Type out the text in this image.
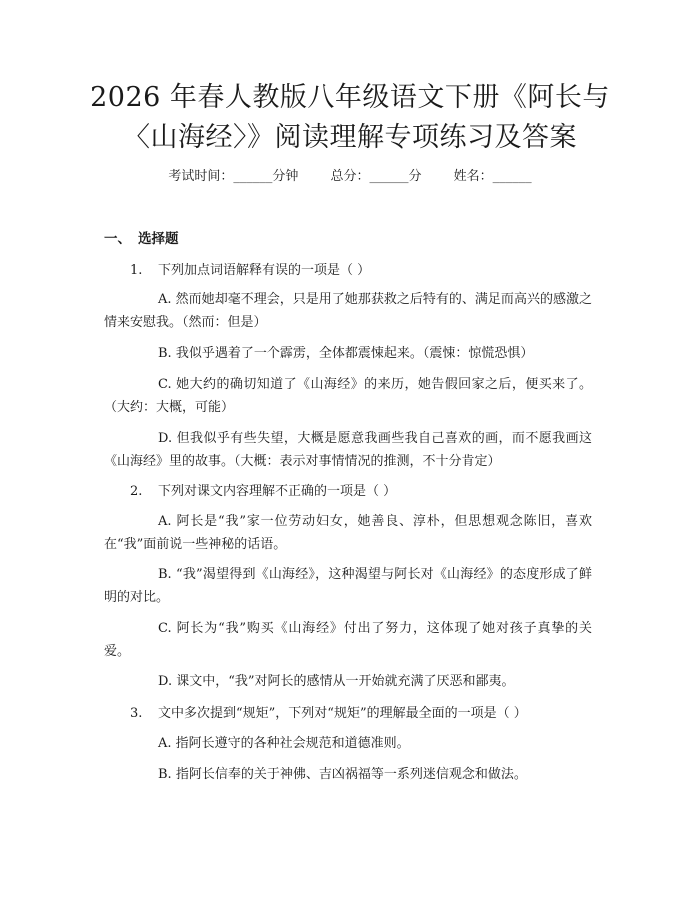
2026 年春人教版八年级语文下册《阿长与
〈山海经〉》阅读理解专项练习及答案
考试时间：______分钟 总分：______分 姓名：______
一、 选择题
1. 下列加点词语解释有误的一项是（ ）
A. 然而她却毫不理会，只是用了她那获救之后特有的、满足而高兴的感激之情来安慰我。（然而：但是）
B. 我似乎遇着了一个霹雳，全体都震悚起来。（震悚：惊慌恐惧）
C. 她大约的确切知道了《山海经》的来历，她告假回家之后，便买来了。（大约：大概，可能）
D. 但我似乎有些失望，大概是愿意我画些我自己喜欢的画，而不愿我画这《山海经》里的故事。（大概：表示对事情情况的推测，不十分肯定）
2. 下列对课文内容理解不正确的一项是（ ）
A. 阿长是“我”家一位劳动妇女，她善良、淳朴，但思想观念陈旧，喜欢在“我”面前说一些神秘的话语。
B. “我”渴望得到《山海经》，这种渴望与阿长对《山海经》的态度形成了鲜明的对比。
C. 阿长为“我”购买《山海经》付出了努力，这体现了她对孩子真挚的关爱。
D. 课文中，“我”对阿长的感情从一开始就充满了厌恶和鄙夷。
3. 文中多次提到“规矩”，下列对“规矩”的理解最全面的一项是（ ）
A. 指阿长遵守的各种社会规范和道德准则。
B. 指阿长信奉的关于神佛、吉凶祸福等一系列迷信观念和做法。
